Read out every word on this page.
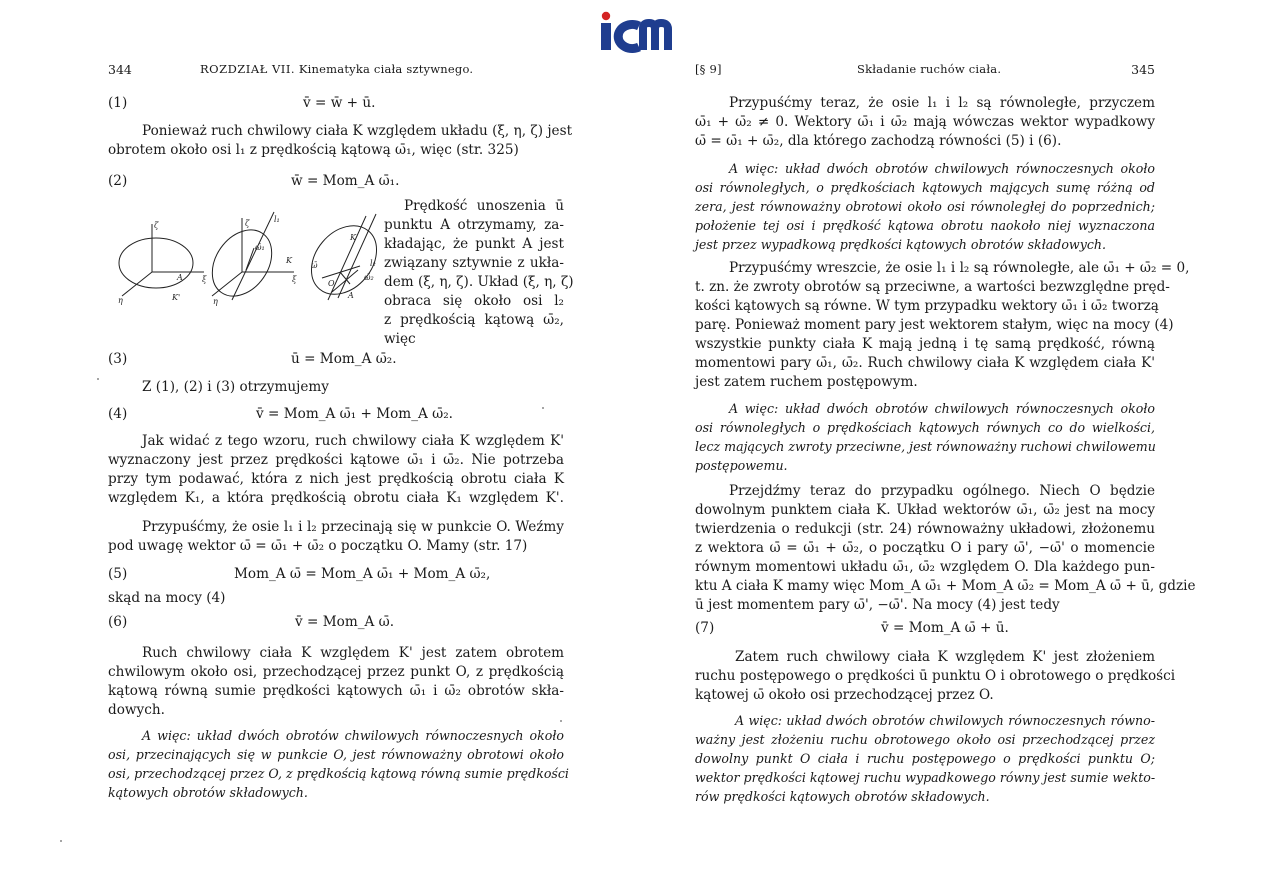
344	ROZDZIAŁ VII. Kinematyka ciała sztywnego.
(1)	v̄ = w̄ + ū.
Ponieważ ruch chwilowy ciała K względem układu (ξ, η, ζ) jest
obrotem około osi l₁ z prędkością kątową ω̄₁, więc (str. 325)
(2)	w̄ = Mom_A ω̄₁.
Prędkość unoszenia ū
punktu A otrzymamy, za-
kładając, że punkt A jest
związany sztywnie z ukła-
dem (ξ, η, ζ). Układ (ξ, η, ζ)
obraca się około osi l₂
z prędkością kątową ω̄₂,
więc
ζ
ξ
η	K'
A
ζ	l₁
ω̄₁
K
ξ
η
K
l₂
ω̄
ω̄₂
O
A
(3)	ū = Mom_A ω̄₂.
Z (1), (2) i (3) otrzymujemy
(4)	v̄ = Mom_A ω̄₁ + Mom_A ω̄₂.
Jak widać z tego wzoru, ruch chwilowy ciała K względem K'
wyznaczony jest przez prędkości kątowe ω̄₁ i ω̄₂. Nie potrzeba
przy tym podawać, która z nich jest prędkością obrotu ciała K
względem K₁, a która prędkością obrotu ciała K₁ względem K'.
Przypuśćmy, że osie l₁ i l₂ przecinają się w punkcie O. Weźmy
pod uwagę wektor ω̄ = ω̄₁ + ω̄₂ o początku O. Mamy (str. 17)
(5)	Mom_A ω̄ = Mom_A ω̄₁ + Mom_A ω̄₂,
skąd na mocy (4)
(6)	v̄ = Mom_A ω̄.
Ruch chwilowy ciała K względem K' jest zatem obrotem
chwilowym około osi, przechodzącej przez punkt O, z prędkością
kątową równą sumie prędkości kątowych ω̄₁ i ω̄₂ obrotów skła-
dowych.
A więc: układ dwóch obrotów chwilowych równoczesnych około
osi, przecinających się w punkcie O, jest równoważny obrotowi około
osi, przechodzącej przez O, z prędkością kątową równą sumie prędkości
kątowych obrotów składowych.
[§ 9]	Składanie ruchów ciała.	345
Przypuśćmy teraz, że osie l₁ i l₂ są równoległe, przyczem
ω̄₁ + ω̄₂ ≠ 0. Wektory ω̄₁ i ω̄₂ mają wówczas wektor wypadkowy
ω̄ = ω̄₁ + ω̄₂, dla którego zachodzą równości (5) i (6).
A więc: układ dwóch obrotów chwilowych równoczesnych około
osi równoległych, o prędkościach kątowych mających sumę różną od
zera, jest równoważny obrotowi około osi równoległej do poprzednich;
położenie tej osi i prędkość kątowa obrotu naokoło niej wyznaczona
jest przez wypadkową prędkości kątowych obrotów składowych.
Przypuśćmy wreszcie, że osie l₁ i l₂ są równoległe, ale ω̄₁ + ω̄₂ = 0,
t. zn. że zwroty obrotów są przeciwne, a wartości bezwzględne pręd-
kości kątowych są równe. W tym przypadku wektory ω̄₁ i ω̄₂ tworzą
parę. Ponieważ moment pary jest wektorem stałym, więc na mocy (4)
wszystkie punkty ciała K mają jedną i tę samą prędkość, równą
momentowi pary ω̄₁, ω̄₂. Ruch chwilowy ciała K względem ciała K'
jest zatem ruchem postępowym.
A więc: układ dwóch obrotów chwilowych równoczesnych około
osi równoległych o prędkościach kątowych równych co do wielkości,
lecz mających zwroty przeciwne, jest równoważny ruchowi chwilowemu
postępowemu.
Przejdźmy teraz do przypadku ogólnego. Niech O będzie
dowolnym punktem ciała K. Układ wektorów ω̄₁, ω̄₂ jest na mocy
twierdzenia o redukcji (str. 24) równoważny układowi, złożonemu
z wektora ω̄ = ω̄₁ + ω̄₂, o początku O i pary ω̄', −ω̄' o momencie
równym momentowi układu ω̄₁, ω̄₂ względem O. Dla każdego pun-
ktu A ciała K mamy więc Mom_A ω̄₁ + Mom_A ω̄₂ = Mom_A ω̄ + ū, gdzie
ū jest momentem pary ω̄', −ω̄'. Na mocy (4) jest tedy
(7)	v̄ = Mom_A ω̄ + ū.
Zatem ruch chwilowy ciała K względem K' jest złożeniem
ruchu postępowego o prędkości ū punktu O i obrotowego o prędkości
kątowej ω̄ około osi przechodzącej przez O.
A więc: układ dwóch obrotów chwilowych równoczesnych równo-
ważny jest złożeniu ruchu obrotowego około osi przechodzącej przez
dowolny punkt O ciała i ruchu postępowego o prędkości punktu O;
wektor prędkości kątowej ruchu wypadkowego równy jest sumie wekto-
rów prędkości kątowych obrotów składowych.
